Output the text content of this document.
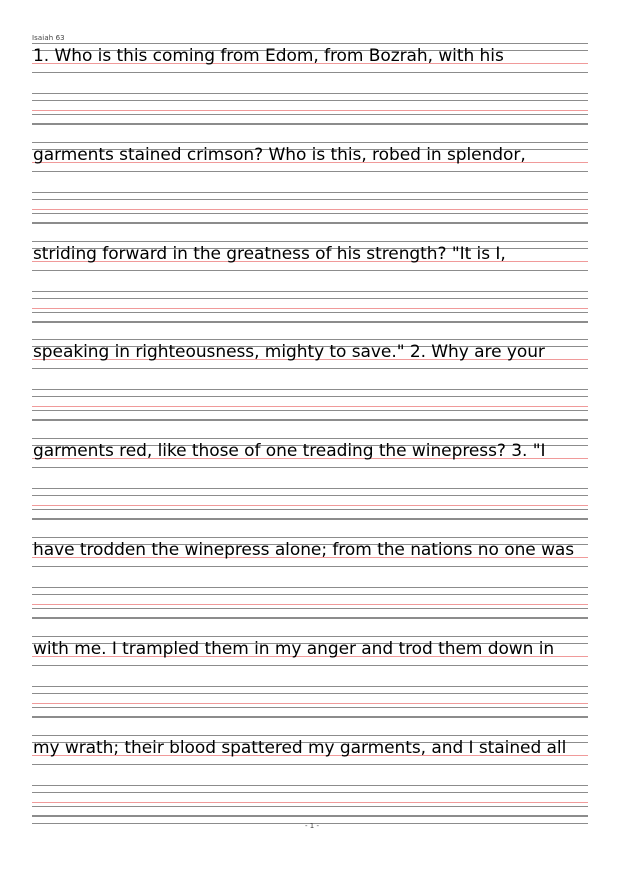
Isaiah 63
1. Who is this coming from Edom, from Bozrah, with his
garments stained crimson? Who is this, robed in splendor,
striding forward in the greatness of his strength? "It is I,
speaking in righteousness, mighty to save." 2. Why are your
garments red, like those of one treading the winepress? 3. "I
have trodden the winepress alone; from the nations no one was
with me. I trampled them in my anger and trod them down in
my wrath; their blood spattered my garments, and I stained all
- 1 -
